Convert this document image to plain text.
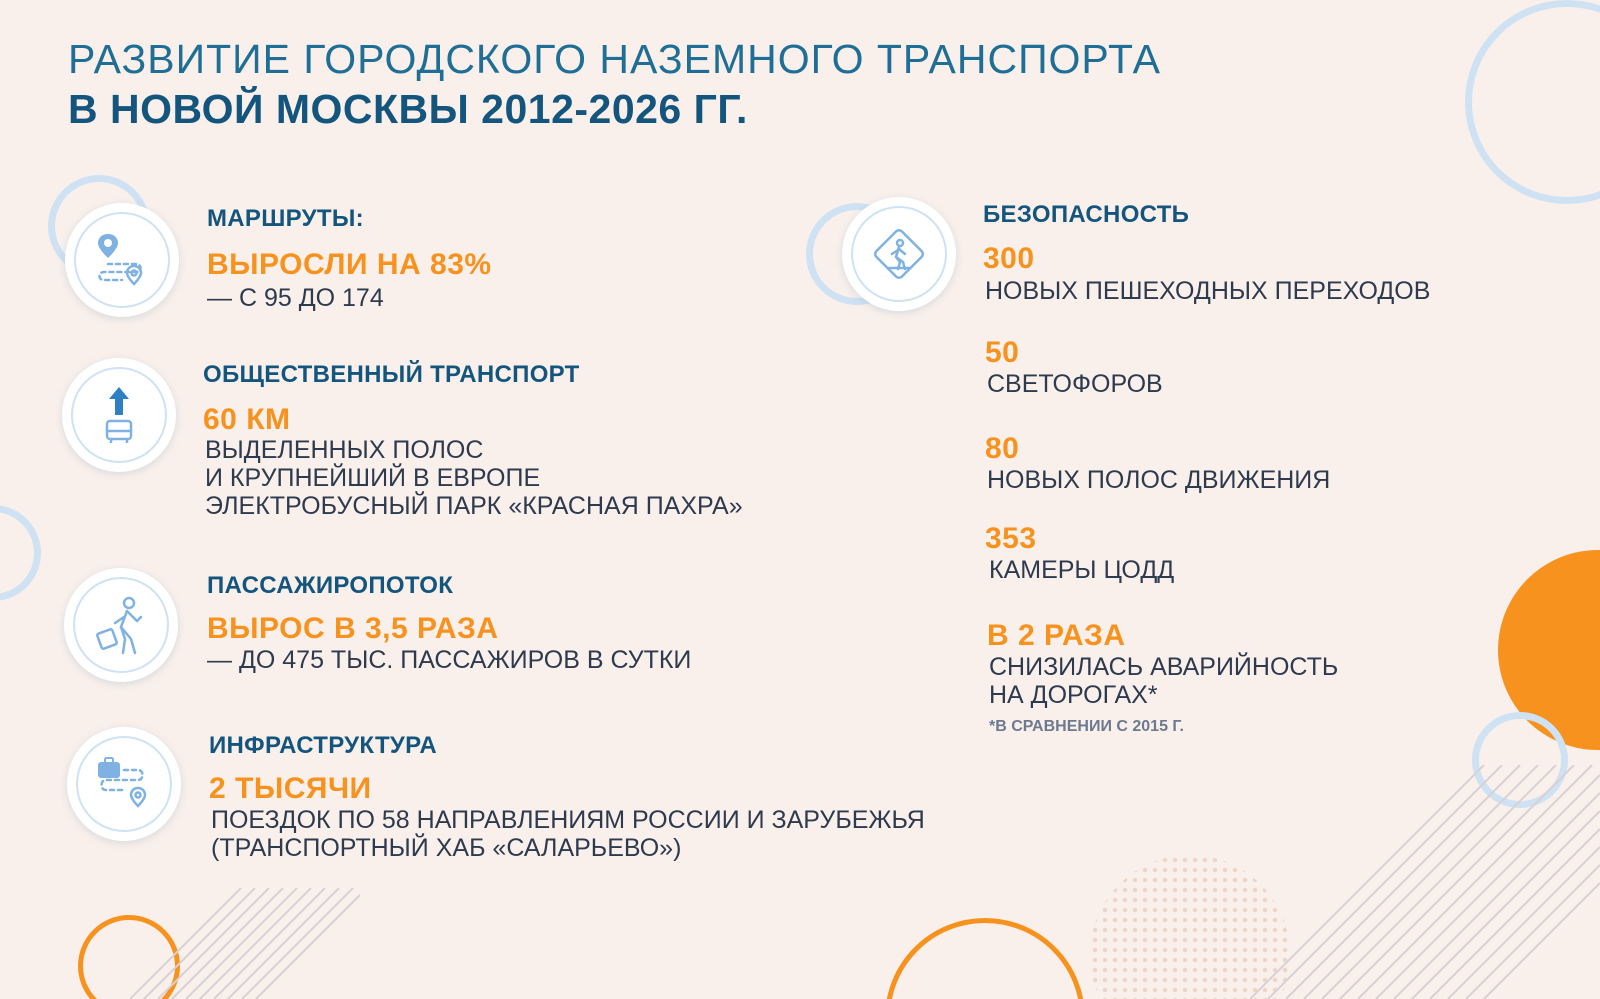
РАЗВИТИЕ ГОРОДСКОГО НАЗЕМНОГО ТРАНСПОРТА
В НОВОЙ МОСКВЫ 2012-2026 ГГ.
МАРШРУТЫ:
ВЫРОСЛИ НА 83%
— С 95 ДО 174
ОБЩЕСТВЕННЫЙ ТРАНСПОРТ
60 КМ
ВЫДЕЛЕННЫХ ПОЛОС
И КРУПНЕЙШИЙ В ЕВРОПЕ
ЭЛЕКТРОБУСНЫЙ ПАРК «КРАСНАЯ ПАХРА»
ПАССАЖИРОПОТОК
ВЫРОС В 3,5 РАЗА
— ДО 475 ТЫС. ПАССАЖИРОВ В СУТКИ
ИНФРАСТРУКТУРА
2 ТЫСЯЧИ
ПОЕЗДОК ПО 58 НАПРАВЛЕНИЯМ РОССИИ И ЗАРУБЕЖЬЯ
(ТРАНСПОРТНЫЙ ХАБ «САЛАРЬЕВО»)
БЕЗОПАСНОСТЬ
300
НОВЫХ ПЕШЕХОДНЫХ ПЕРЕХОДОВ
50
СВЕТОФОРОВ
80
НОВЫХ ПОЛОС ДВИЖЕНИЯ
353
КАМЕРЫ ЦОДД
В 2 РАЗА
СНИЗИЛАСЬ АВАРИЙНОСТЬ
НА ДОРОГАХ*
*В СРАВНЕНИИ С 2015 Г.
